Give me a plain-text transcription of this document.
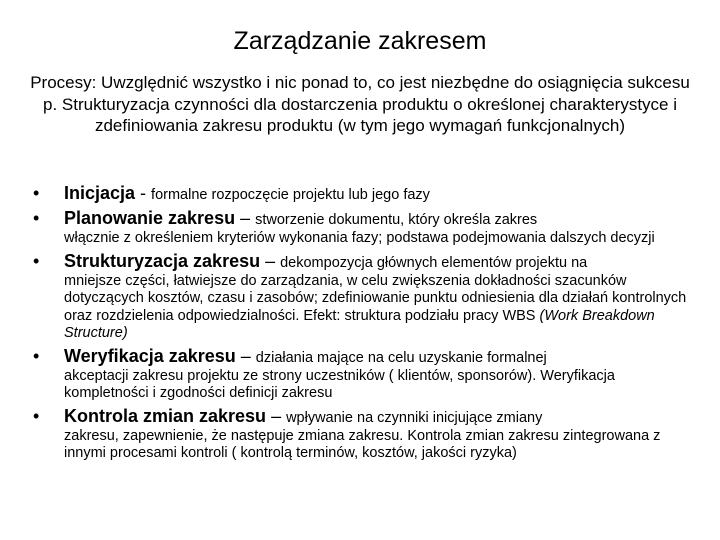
Zarządzanie zakresem
Procesy: Uwzględnić wszystko i nic ponad to, co jest niezbędne do osiągnięcia sukcesu p. Strukturyzacja czynności dla dostarczenia produktu o określonej charakterystyce i zdefiniowania zakresu produktu (w tym jego wymagań funkcjonalnych)
• Inicjacja - formalne rozpoczęcie projektu lub jego fazy
• Planowanie zakresu – stworzenie dokumentu, który określa zakres
włącznie z określeniem kryteriów wykonania fazy; podstawa podejmowania dalszych decyzji
• Strukturyzacja zakresu – dekompozycja głównych elementów projektu na
mniejsze części, łatwiejsze do zarządzania, w celu zwiększenia dokładności szacunków dotyczących kosztów, czasu i zasobów; zdefiniowanie punktu odniesienia dla działań kontrolnych oraz rozdzielenia odpowiedzialności. Efekt: struktura podziału pracy WBS (Work Breakdown Structure)
• Weryfikacja zakresu – działania mające na celu uzyskanie formalnej
akceptacji zakresu projektu ze strony uczestników ( klientów, sponsorów). Weryfikacja kompletności i zgodności definicji zakresu
• Kontrola zmian zakresu – wpływanie na czynniki inicjujące zmiany
zakresu, zapewnienie, że następuje zmiana zakresu. Kontrola zmian zakresu zintegrowana z innymi procesami kontroli ( kontrolą terminów, kosztów, jakości ryzyka)
